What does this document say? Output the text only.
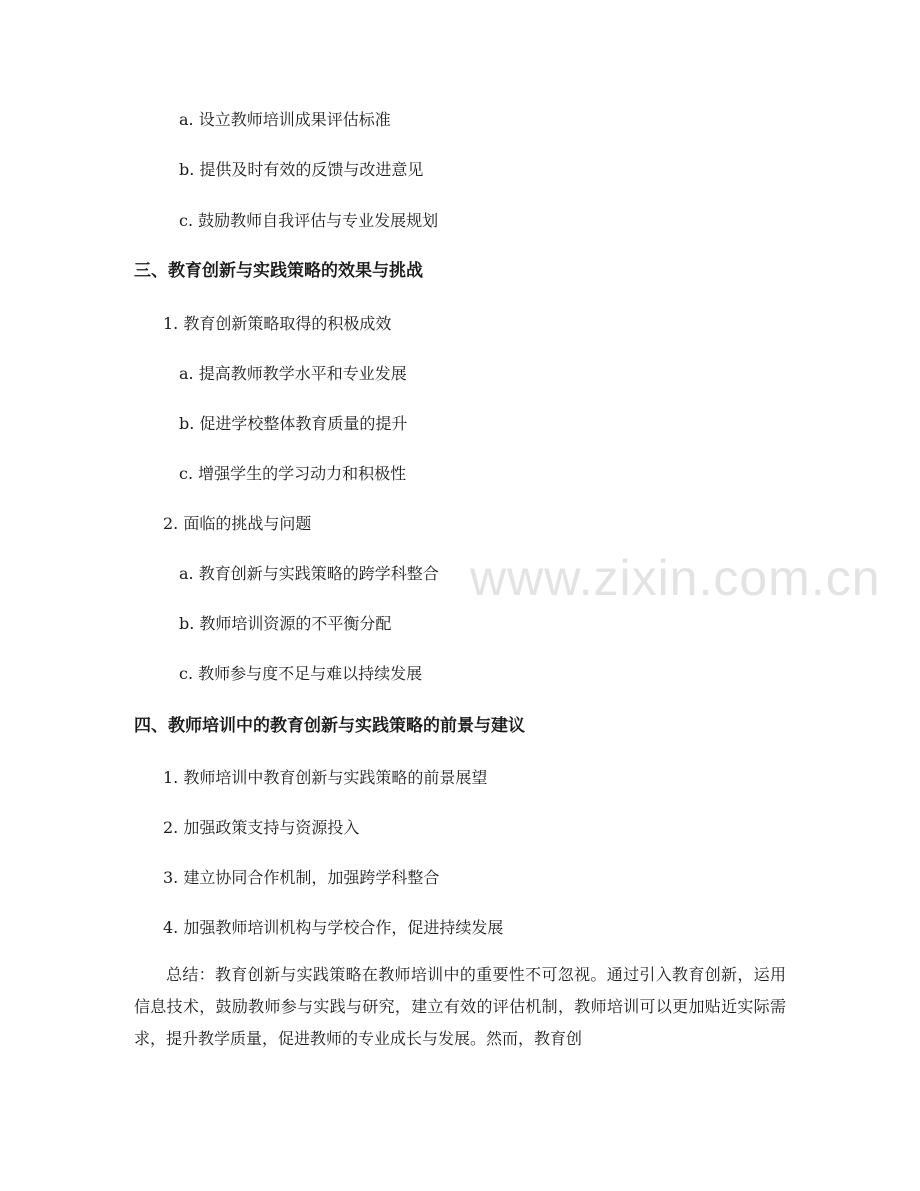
a. 设立教师培训成果评估标准
b. 提供及时有效的反馈与改进意见
c. 鼓励教师自我评估与专业发展规划
三、教育创新与实践策略的效果与挑战
1. 教育创新策略取得的积极成效
a. 提高教师教学水平和专业发展
b. 促进学校整体教育质量的提升
c. 增强学生的学习动力和积极性
2. 面临的挑战与问题
a. 教育创新与实践策略的跨学科整合
b. 教师培训资源的不平衡分配
c. 教师参与度不足与难以持续发展
四、教师培训中的教育创新与实践策略的前景与建议
1. 教师培训中教育创新与实践策略的前景展望
2. 加强政策支持与资源投入
3. 建立协同合作机制，加强跨学科整合
4. 加强教师培训机构与学校合作，促进持续发展
总结：教育创新与实践策略在教师培训中的重要性不可忽视。通过引入教育创新，运用信息技术，鼓励教师参与实践与研究，建立有效的评估机制，教师培训可以更加贴近实际需求，提升教学质量，促进教师的专业成长与发展。然而，教育创
www.zixin.com.cn
